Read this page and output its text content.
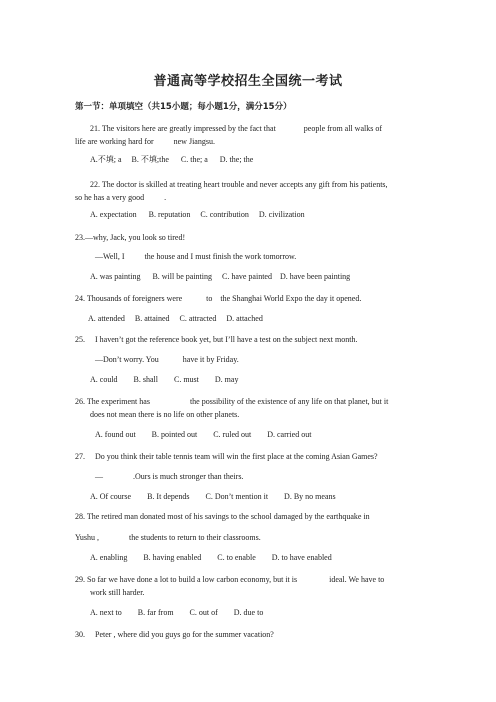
普通高等学校招生全国统一考试
第一节：单项填空（共15小题；每小题1分，满分15分）
21. The visitors here are greatly impressed by the fact that              people from all walks of
life are working hard for          new Jiangsu.
A.不填; a     B. 不填;the      C. the; a      D. the; the
22. The doctor is skilled at treating heart trouble and never accepts any gift from his patients,
so he has a very good          .
A. expectation      B. reputation     C. contribution     D. civilization
23.—why, Jack, you look so tired!
—Well, I          the house and I must finish the work tomorrow.
A. was painting      B. will be painting     C. have painted    D. have been painting
24. Thousands of foreigners were            to    the Shanghai World Expo the day it opened.
A. attended     B. attained     C. attracted     D. attached
25.     I haven’t got the reference book yet, but I’ll have a test on the subject next month.
—Don’t worry. You            have it by Friday.
A. could        B. shall        C. must        D. may
26. The experiment has                    the possibility of the existence of any life on that planet, but it
does not mean there is no life on other planets.
A. found out        B. pointed out        C. ruled out        D. carried out
27.     Do you think their table tennis team will win the first place at the coming Asian Games?
—               .Ours is much stronger than theirs.
A. Of course        B. It depends        C. Don’t mention it        D. By no means
28. The retired man donated most of his savings to the school damaged by the earthquake in
Yushu ,               the students to return to their classrooms.
A. enabling        B. having enabled        C. to enable        D. to have enabled
29. So far we have done a lot to build a low carbon economy, but it is                ideal. We have to
work still harder.
A. next to        B. far from        C. out of        D. due to
30.     Peter , where did you guys go for the summer vacation?
